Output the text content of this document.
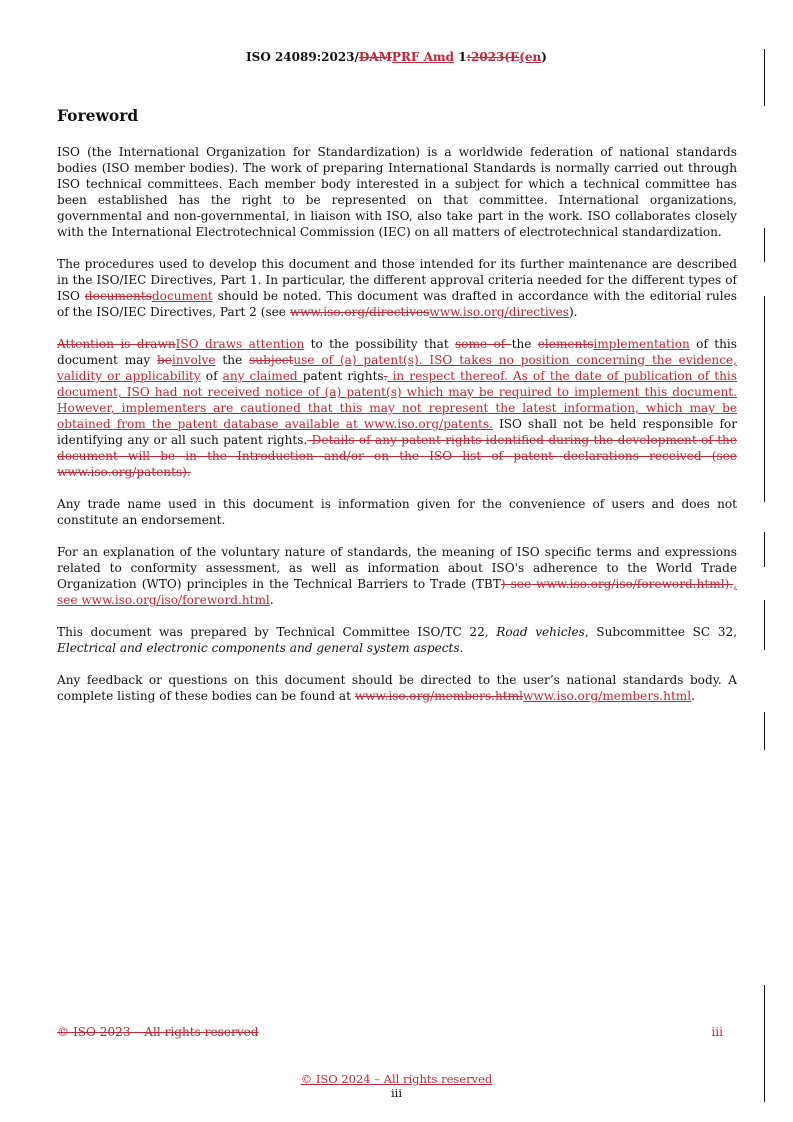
ISO 24089:2023/DAMPRF Amd 1:2023(E(en)
Foreword

ISO (the International Organization for Standardization) is a worldwide federation of national standards bodies (ISO member bodies). The work of preparing International Standards is normally carried out through ISO technical committees. Each member body interested in a subject for which a technical committee has been established has the right to be represented on that committee. International organizations, governmental and non-governmental, in liaison with ISO, also take part in the work. ISO collaborates closely with the International Electrotechnical Commission (IEC) on all matters of electrotechnical standardization.

The procedures used to develop this document and those intended for its further maintenance are described in the ISO/IEC Directives, Part 1. In particular, the different approval criteria needed for the different types of ISO documentsdocument should be noted. This document was drafted in accordance with the editorial rules of the ISO/IEC Directives, Part 2 (see www.iso.org/directiveswww.iso.org/directives).

Attention is drawnISO draws attention to the possibility that some of the elementsimplementation of this document may beinvolve the subjectuse of (a) patent(s). ISO takes no position concerning the evidence, validity or applicability of any claimed patent rights. in respect thereof. As of the date of publication of this document, ISO had not received notice of (a) patent(s) which may be required to implement this document. However, implementers are cautioned that this may not represent the latest information, which may be obtained from the patent database available at www.iso.org/patents. ISO shall not be held responsible for identifying any or all such patent rights. Details of any patent rights identified during the development of the document will be in the Introduction and/or on the ISO list of patent declarations received (see www.iso.org/patents).

Any trade name used in this document is information given for the convenience of users and does not constitute an endorsement.

For an explanation of the voluntary nature of standards, the meaning of ISO specific terms and expressions related to conformity assessment, as well as information about ISO's adherence to the World Trade Organization (WTO) principles in the Technical Barriers to Trade (TBT) see www.iso.org/iso/foreword.html)., see www.iso.org/iso/foreword.html.

This document was prepared by Technical Committee ISO/TC 22, Road vehicles, Subcommittee SC 32, Electrical and electronic components and general system aspects.

Any feedback or questions on this document should be directed to the user’s national standards body. A complete listing of these bodies can be found at www.iso.org/members.htmlwww.iso.org/members.html.

© ISO 2023 – All rights reserved	iii
© ISO 2024 – All rights reserved
iii
